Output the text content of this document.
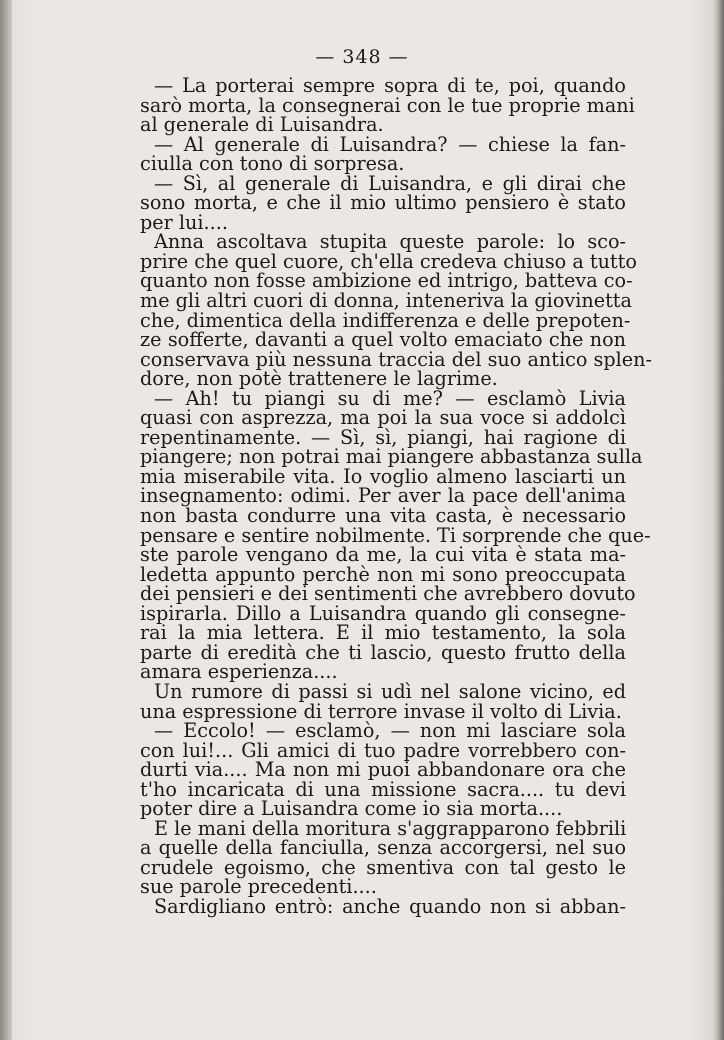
— 348 —
— La porterai sempre sopra di te, poi, quando
sarò morta, la consegnerai con le tue proprie mani
al generale di Luisandra.
— Al generale di Luisandra? — chiese la fan-
ciulla con tono di sorpresa.
— Sì, al generale di Luisandra, e gli dirai che
sono morta, e che il mio ultimo pensiero è stato
per lui....
Anna ascoltava stupita queste parole: lo sco-
prire che quel cuore, ch'ella credeva chiuso a tutto
quanto non fosse ambizione ed intrigo, batteva co-
me gli altri cuori di donna, inteneriva la giovinetta
che, dimentica della indifferenza e delle prepoten-
ze sofferte, davanti a quel volto emaciato che non
conservava più nessuna traccia del suo antico splen-
dore, non potè trattenere le lagrime.
— Ah! tu piangi su di me? — esclamò Livia
quasi con asprezza, ma poi la sua voce si addolcì
repentinamente. — Sì, sì, piangi, hai ragione di
piangere; non potrai mai piangere abbastanza sulla
mia miserabile vita. Io voglio almeno lasciarti un
insegnamento: odimi. Per aver la pace dell'anima
non basta condurre una vita casta, è necessario
pensare e sentire nobilmente. Ti sorprende che que-
ste parole vengano da me, la cui vita è stata ma-
ledetta appunto perchè non mi sono preoccupata
dei pensieri e dei sentimenti che avrebbero dovuto
ispirarla. Dillo a Luisandra quando gli consegne-
rai la mia lettera. E il mio testamento, la sola
parte di eredità che ti lascio, questo frutto della
amara esperienza....
Un rumore di passi si udì nel salone vicino, ed
una espressione di terrore invase il volto di Livia.
— Eccolo! — esclamò, — non mi lasciare sola
con lui!... Gli amici di tuo padre vorrebbero con-
durti via.... Ma non mi puoi abbandonare ora che
t'ho incaricata di una missione sacra.... tu devi
poter dire a Luisandra come io sia morta....
E le mani della moritura s'aggrapparono febbrili
a quelle della fanciulla, senza accorgersi, nel suo
crudele egoismo, che smentiva con tal gesto le
sue parole precedenti....
Sardigliano entrò: anche quando non si abban-
